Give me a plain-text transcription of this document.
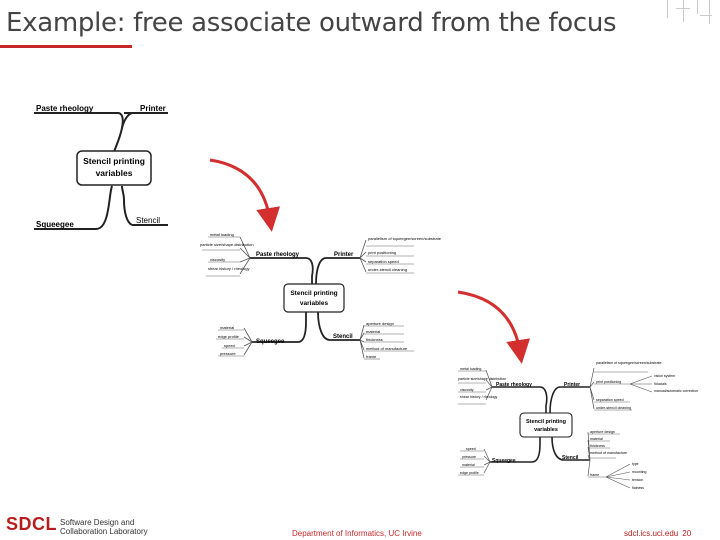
Example: free associate outward from the focus
Stencil printing
variables
Paste rheology	Printer
Squeegee	Stencil
Stencil printing
variables
Paste rheology	Printer
Squeegee
Stencil
metal loading
particle size/shape distribution
viscosity
shear history / rheology
parallelism of squeegee/screen/substrate
print positioning
separation speed
under-stencil cleaning
material
edge profile
speed
pressure
aperture design
material
thickness
method of manufacture
frame
Stencil printing
variables
Paste rheology	Printer
Squeegee	Stencil
metal loading
particle size/shape distribution
viscosity
shear history / rheology
parallelism of squeegee/screen/substrate
print positioning
separation speed
under-stencil cleaning
vision system
fiducials
manual/automatic correction
speed
pressure
material
edge profile
aperture design
material
thickness
method of manufacture
frame
type
mounting
tension
flatness
SDCL Software Design and
Collaboration Laboratory	Department of Informatics, UC Irvine	sdcl.ics.uci.edu 20
